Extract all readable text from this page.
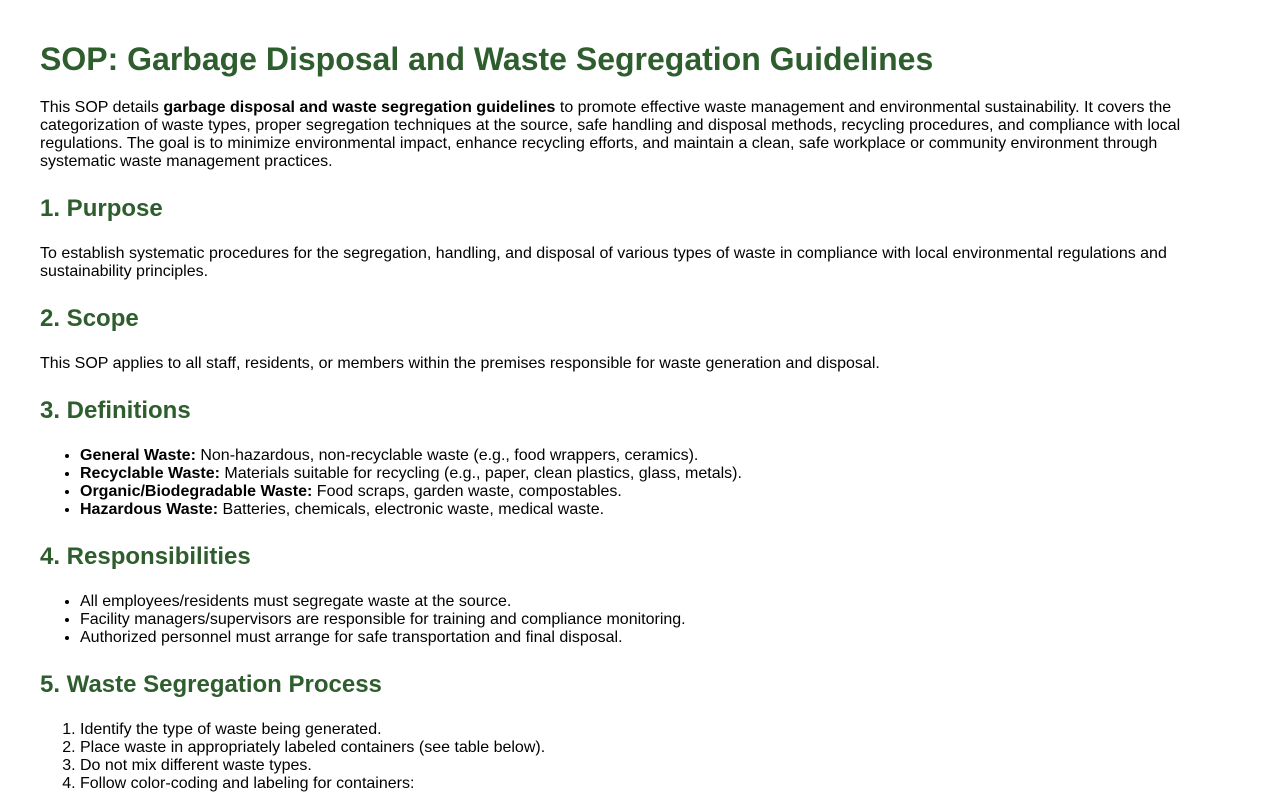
SOP: Garbage Disposal and Waste Segregation Guidelines

This SOP details garbage disposal and waste segregation guidelines to promote effective waste management and environmental sustainability. It covers the categorization of waste types, proper segregation techniques at the source, safe handling and disposal methods, recycling procedures, and compliance with local regulations. The goal is to minimize environmental impact, enhance recycling efforts, and maintain a clean, safe workplace or community environment through systematic waste management practices.

1. Purpose

To establish systematic procedures for the segregation, handling, and disposal of various types of waste in compliance with local environmental regulations and sustainability principles.

2. Scope

This SOP applies to all staff, residents, or members within the premises responsible for waste generation and disposal.

3. Definitions
• General Waste: Non-hazardous, non-recyclable waste (e.g., food wrappers, ceramics).
• Recyclable Waste: Materials suitable for recycling (e.g., paper, clean plastics, glass, metals).
• Organic/Biodegradable Waste: Food scraps, garden waste, compostables.
• Hazardous Waste: Batteries, chemicals, electronic waste, medical waste.
4. Responsibilities
• All employees/residents must segregate waste at the source.
• Facility managers/supervisors are responsible for training and compliance monitoring.
• Authorized personnel must arrange for safe transportation and final disposal.
5. Waste Segregation Process
1. Identify the type of waste being generated.
2. Place waste in appropriately labeled containers (see table below).
3. Do not mix different waste types.
4. Follow color-coding and labeling for containers:
